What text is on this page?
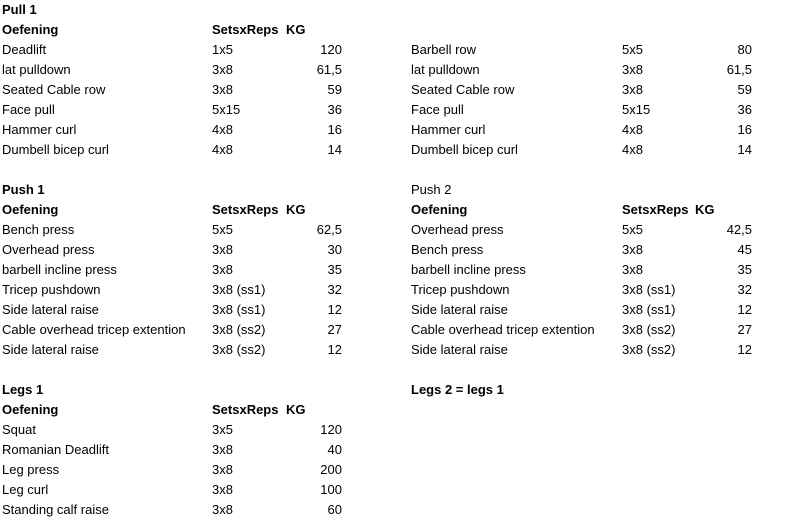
Pull 1
Oefening	SetsxReps KG
Deadlift	1x5	120
lat pulldown	3x8	61,5
Seated Cable row	3x8	59
Face pull	5x15	36
Hammer curl	4x8	16
Dumbell bicep curl	4x8	14
Barbell row	5x5	80
lat pulldown	3x8	61,5
Seated Cable row	3x8	59
Face pull	5x15	36
Hammer curl	4x8	16
Dumbell bicep curl	4x8	14
Push 1
Oefening	SetsxReps KG
Bench press	5x5	62,5
Overhead press	3x8	30
barbell incline press	3x8	35
Tricep pushdown	3x8 (ss1)	32
Side lateral raise	3x8 (ss1)	12
Cable overhead tricep extention 3x8 (ss2)	27
Side lateral raise	3x8 (ss2)	12
Push 2
Oefening	SetsxReps KG
Overhead press	5x5	42,5
Bench press	3x8	45
barbell incline press	3x8	35
Tricep pushdown	3x8 (ss1)	32
Side lateral raise	3x8 (ss1)	12
Cable overhead tricep extention 3x8 (ss2)	27
Side lateral raise	3x8 (ss2)	12
Legs 1
Oefening	SetsxReps KG
Squat	3x5	120
Romanian Deadlift	3x8	40
Leg press	3x8	200
Leg curl	3x8	100
Standing calf raise	3x8	60
Legs 2 = legs 1
